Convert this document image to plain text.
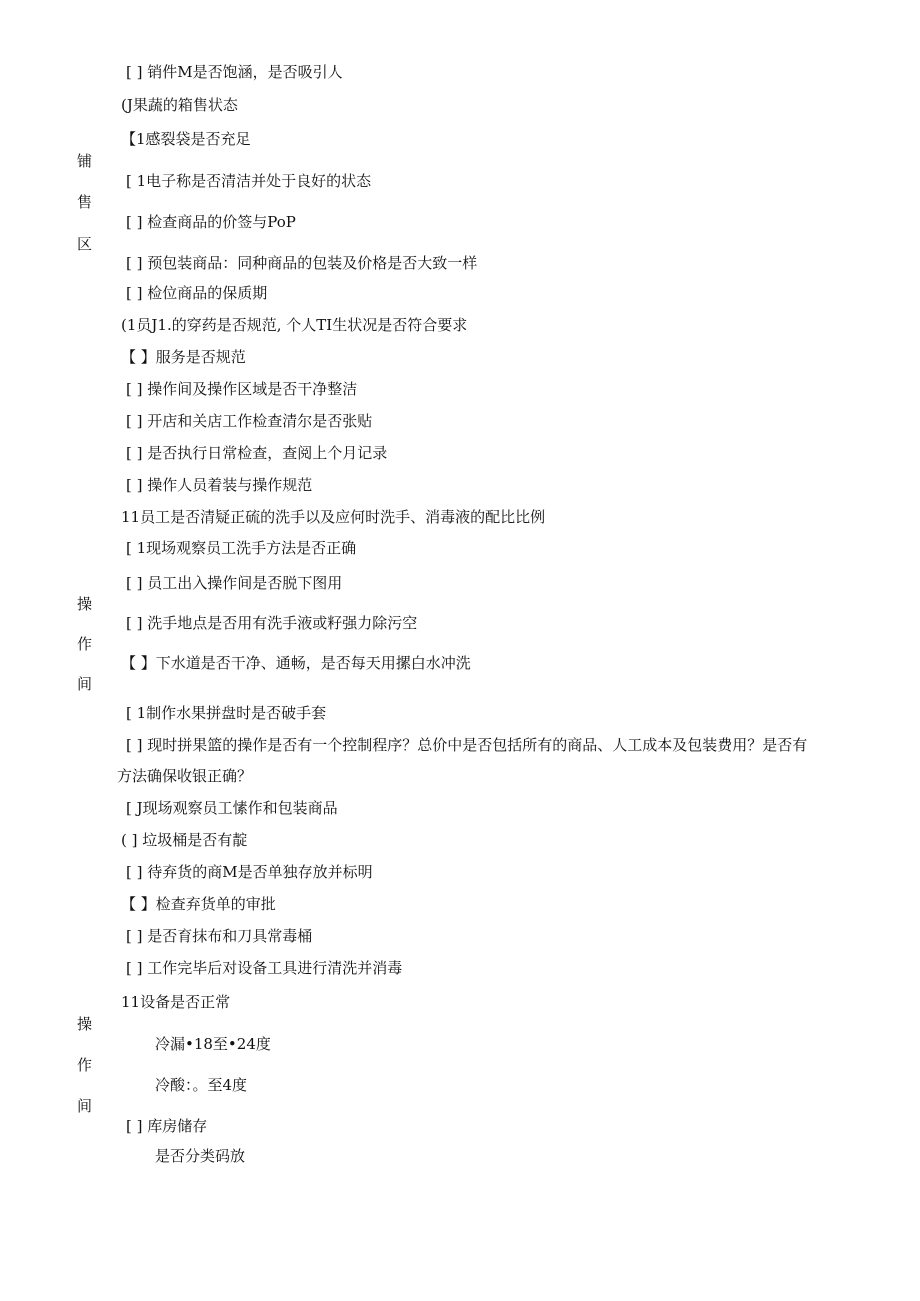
铺
售
区
操
作
间
操
作
间
[ ] 销件M是否饱涵，是否吸引人
(J果蔬的箱售状态
【1感裂袋是否充足
[ 1电子称是否清洁并处于良好的状态
[ ] 检查商品的价签与PoP
[ ] 预包装商品：同种商品的包装及价格是否大致一样
[ ] 检位商品的保质期
(1员J1.的穿药是否规范, 个人TI生状况是否符合要求
【 】服务是否规范
[ ] 操作间及操作区域是否干净整洁
[ ] 开店和关店工作检查清尔是否张贴
[ ] 是否执行日常检查，查阅上个月记录
[ ] 操作人员着装与操作规范
11员工是否清疑正硫的洗手以及应何时洗手、消毒液的配比比例
[ 1现场观察员工洗手方法是否正确
[ ] 员工出入操作间是否脱下图用
[ ] 洗手地点是否用有洗手液或籽强力除污空
【 】下水道是否干净、通畅，是否每天用摞白水冲洗
[ 1制作水果拼盘时是否破手套
[ ] 现时拼果篮的操作是否有一个控制程序？总价中是否包括所有的商品、人工成本及包装费用？是否有
方法确保收银正确？
[ J现场观察员工愫作和包装商品
( ] 垃圾桶是否有靛
[ ] 待弃货的商M是否单独存放并标明
【 】检查弃货单的审批
[ ] 是否育抹布和刀具常毒桶
[ ] 工作完毕后对设备工具进行清洗并消毒
11设备是否正常
冷漏•18至•24度
冷酸：。至4度
[ ] 库房储存
是否分类码放
